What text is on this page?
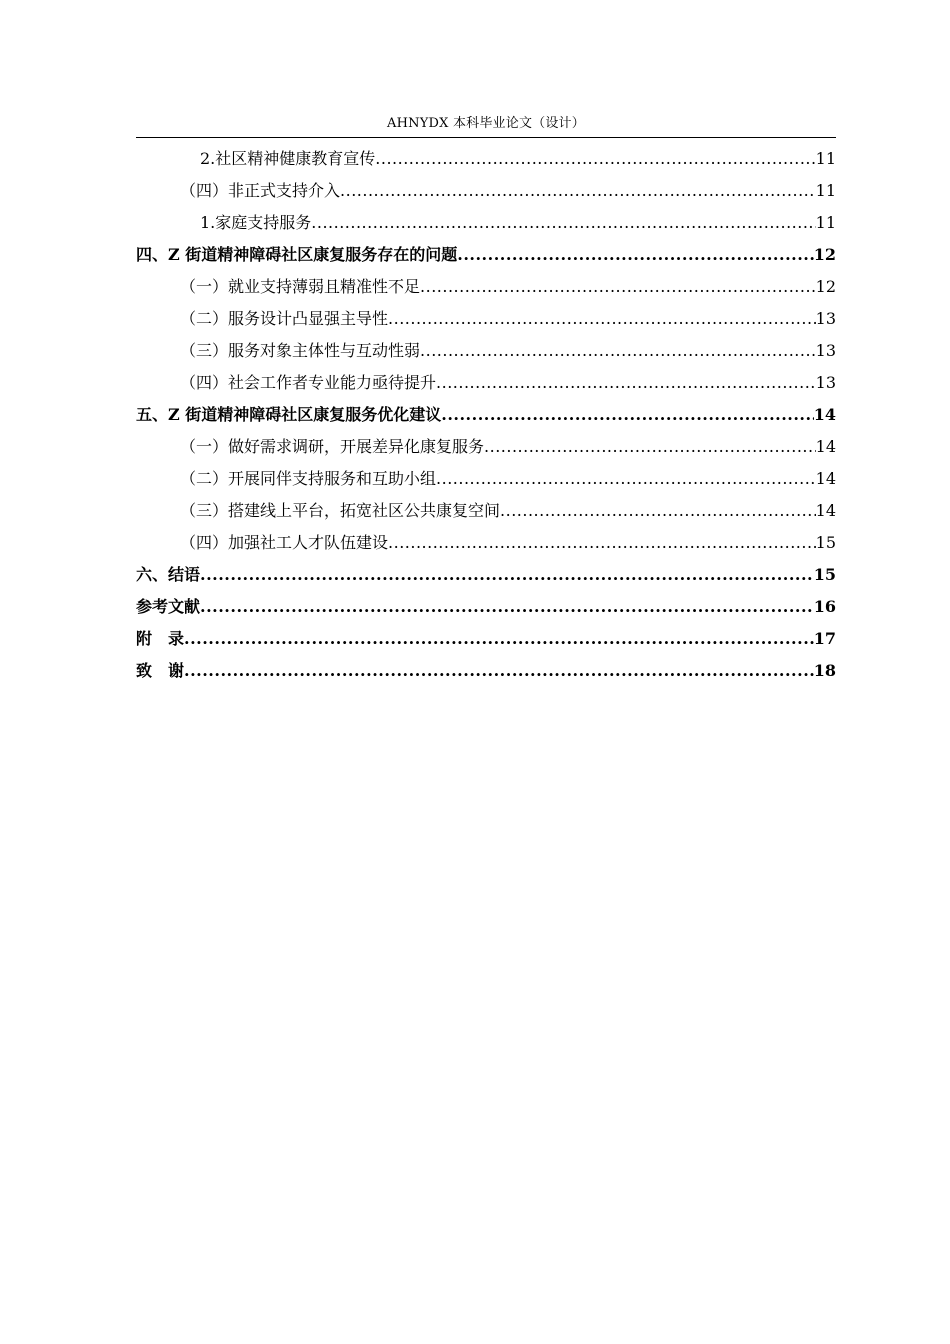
AHNYDX 本科毕业论文（设计）
2.社区精神健康教育宣传 .....	11
（四）非正式支持介入 .....	11
1.家庭支持服务 .....	11
四、Z 街道精神障碍社区康复服务存在的问题 .....	12
（一）就业支持薄弱且精准性不足 .....	12
（二）服务设计凸显强主导性 .....	13
（三）服务对象主体性与互动性弱 .....	13
（四）社会工作者专业能力亟待提升 .....	13
五、Z 街道精神障碍社区康复服务优化建议 .....	14
（一）做好需求调研，开展差异化康复服务 .....	14
（二）开展同伴支持服务和互助小组 .....	14
（三）搭建线上平台，拓宽社区公共康复空间 .....	14
（四）加强社工人才队伍建设 .....	15
六、结语 .....	15
参考文献 .....	16
附　录 .....	17
致　谢 .....	18
